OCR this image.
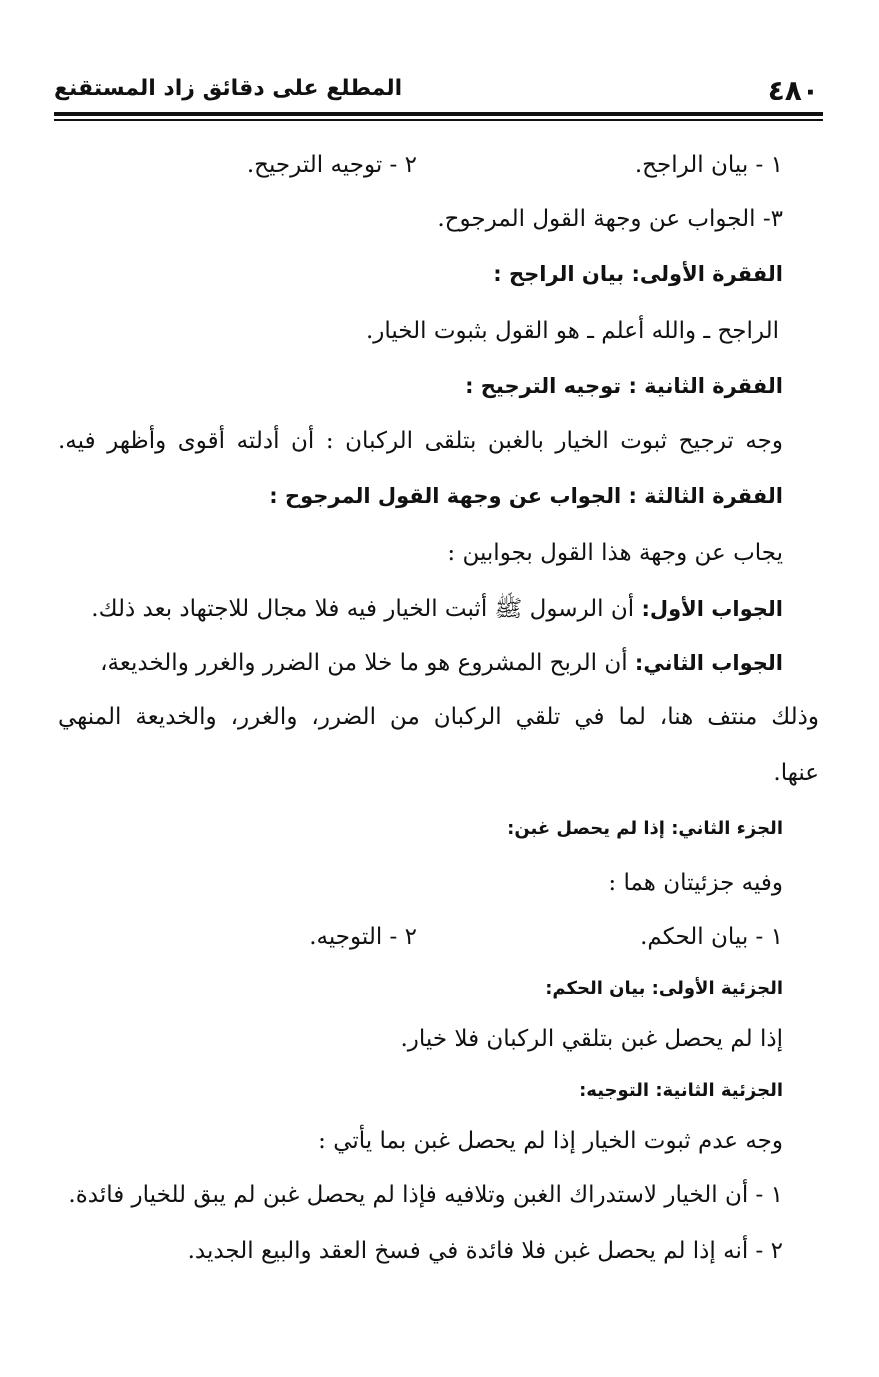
٤٨٠
المطلع على دقائق زاد المستقنع
١ - بيان الراجح.
٢ - توجيه الترجيح.
٣- الجواب عن وجهة القول المرجوح.
الفقرة الأولى: بيان الراجح :
الراجح ـ والله أعلم ـ هو القول بثبوت الخيار.
الفقرة الثانية : توجيه الترجيح :
وجه ترجيح ثبوت الخيار بالغبن بتلقى الركبان : أن أدلته أقوى وأظهر فيه.
الفقرة الثالثة : الجواب عن وجهة القول المرجوح :
يجاب عن وجهة هذا القول بجوابين :
الجواب الأول: أن الرسول ﷺ أثبت الخيار فيه فلا مجال للاجتهاد بعد ذلك.
الجواب الثاني: أن الربح المشروع هو ما خلا من الضرر والغرر والخديعة،
وذلك منتف هنا، لما في تلقي الركبان من الضرر، والغرر، والخديعة المنهي
عنها.
الجزء الثاني: إذا لم يحصل غبن:
وفيه جزئيتان هما :
١ - بيان الحكم.
٢ - التوجيه.
الجزئية الأولى: بيان الحكم:
إذا لم يحصل غبن بتلقي الركبان فلا خيار.
الجزئية الثانية: التوجيه:
وجه عدم ثبوت الخيار إذا لم يحصل غبن بما يأتي :
١ - أن الخيار لاستدراك الغبن وتلافيه فإذا لم يحصل غبن لم يبق للخيار فائدة.
٢ - أنه إذا لم يحصل غبن فلا فائدة في فسخ العقد والبيع الجديد.
